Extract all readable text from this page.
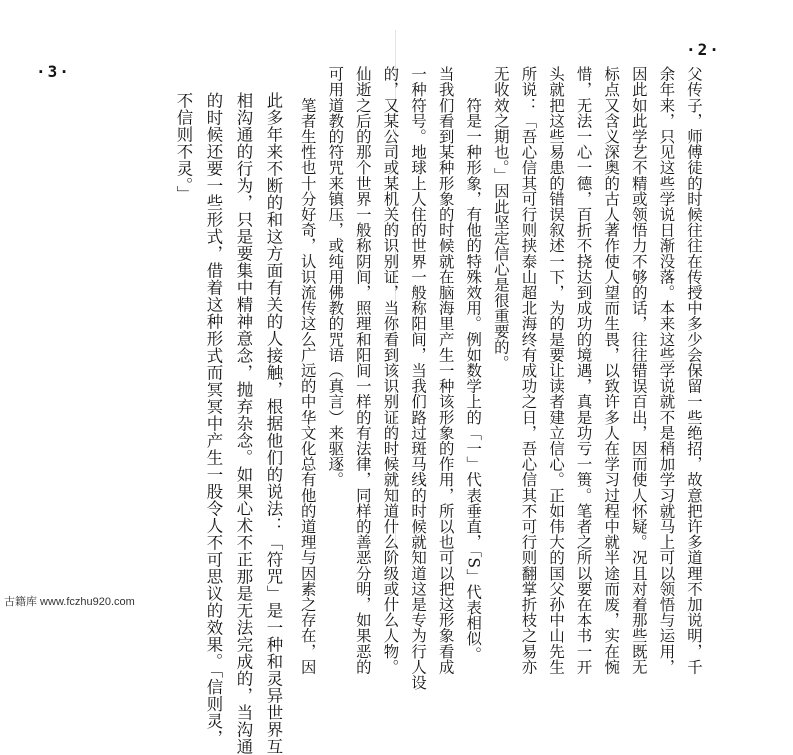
·3·
此多年来不断的和这方面有关的人接触，根据他们的说法：「符咒」是一种和灵异世界互
相沟通的行为，只是要集中精神意念，抛弃杂念。如果心术不正那是无法完成的，当沟通
的时候还要一些形式，借着这种形式而冥冥中产生一股令人不可思议的效果。「信则灵，
不信则不灵。」
·2·
父传子，师傅徒的时候往往在传授中多少会保留一些绝招，故意把许多道理不加说明，千
余年来，只见这些学说日渐没落。本来这些学说就不是稍加学习就马上可以领悟与运用，
因此如此学艺不精或领悟力不够的话，往往错误百出，因而使人怀疑。况且对着那些既无
标点又含义深奥的古人著作使人望而生畏，以致许多人在学习过程中就半途而废，实在惋
惜，无法一心一德，百折不挠达到成功的境遇，真是功亏一篑。笔者之所以要在本书一开
头就把这些易患的错误叙述一下，为的是要让读者建立信心。正如伟大的国父孙中山先生
所说：「吾心信其可行则挟泰山超北海终有成功之日，吾心信其不可行则翻掌折枝之易亦
无收效之期也。」因此坚定信心是很重要的。
　　符是一种形象，有他的特殊效用。例如数学上的「一」代表垂直，「S」代表相似。
当我们看到某种形象的时候就在脑海里产生一种该形象的作用，所以也可以把这形象看成
一种符号。地球上人住的世界一般称阳间，当我们路过斑马线的时候就知道这是专为行人设
的，又某公司或某机关的识别证，当你看到该识别证的时候就知道什么阶级或什么人物。
仙逝之后的那个世界一般称阴间，照理和阳间一样的有法律，同样的善恶分明，如果恶的
可用道教的符咒来镇压，或纯用佛教的咒语（真言）来驱逐。
　　笔者生性也十分好奇，认识流传这么广远的中华文化总有他的道理与因素之存在，因
古籍库 www.fczhu920.com
